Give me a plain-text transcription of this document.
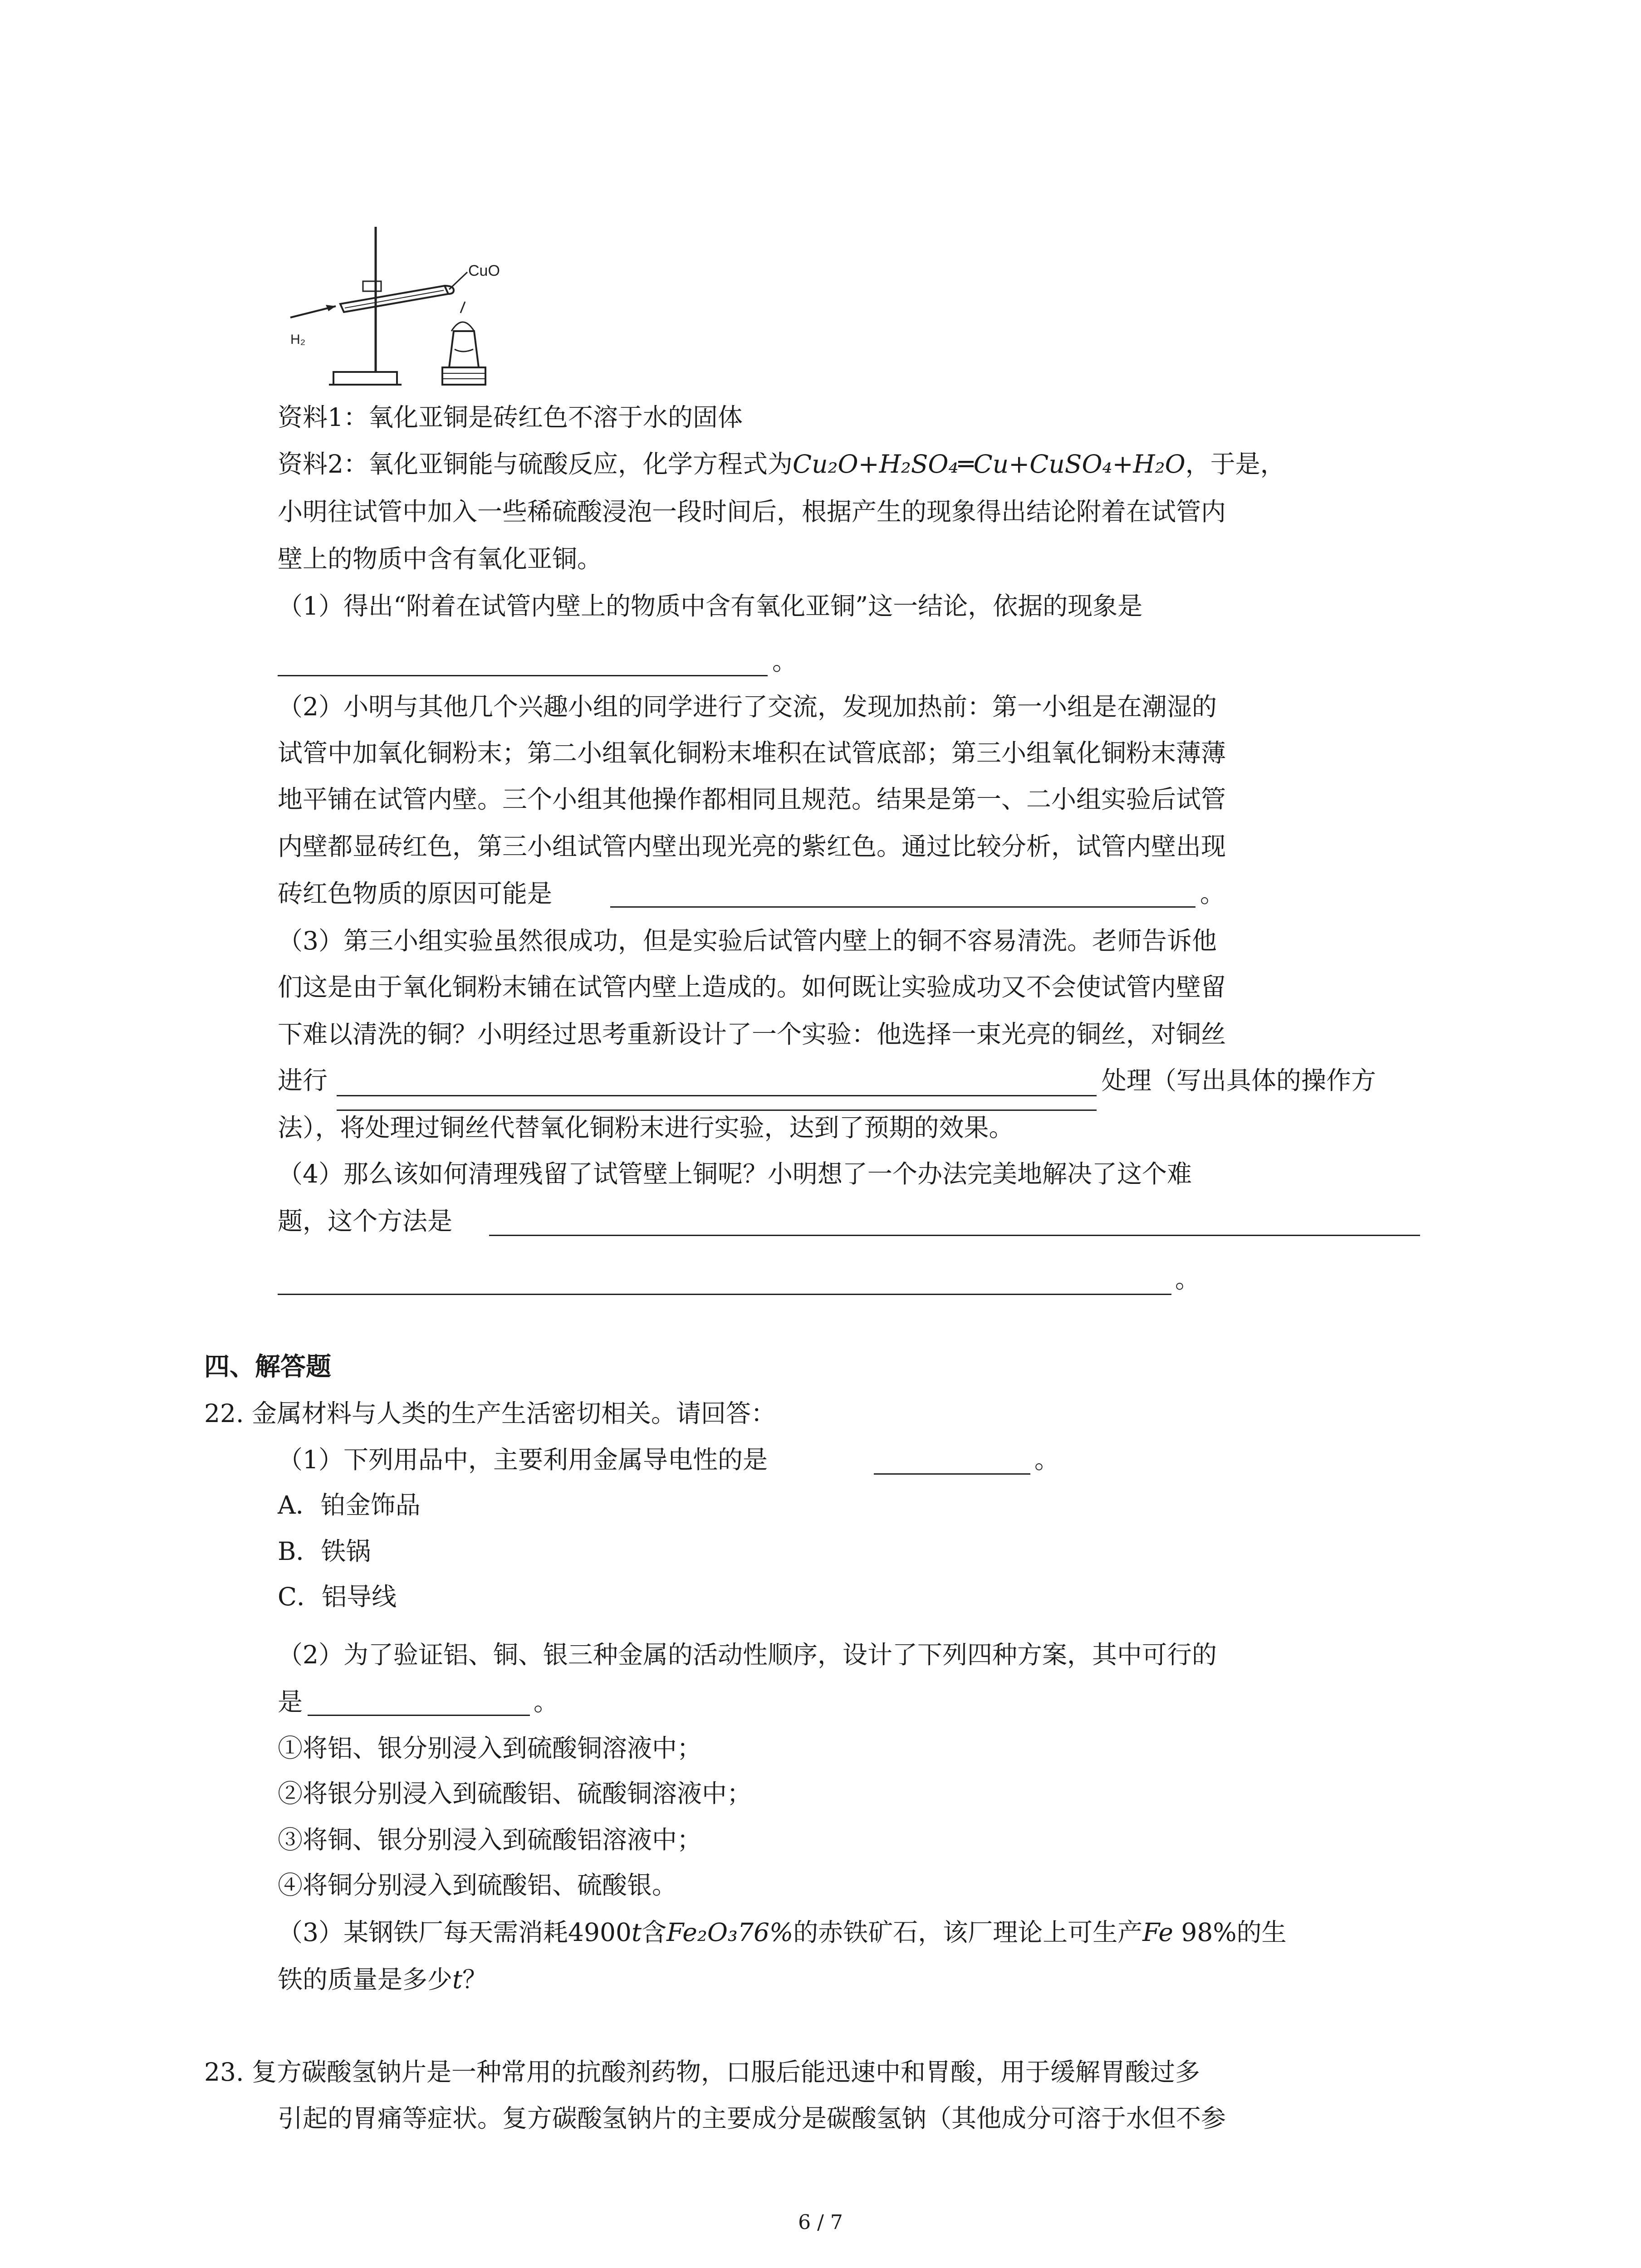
CuO
H₂
资料1：氧化亚铜是砖红色不溶于水的固体
资料2：氧化亚铜能与硫酸反应，化学方程式为Cu₂O+H₂SO₄═Cu+CuSO₄+H₂O，于是，
小明往试管中加入一些稀硫酸浸泡一段时间后，根据产生的现象得出结论附着在试管内
壁上的物质中含有氧化亚铜。
（1）得出“附着在试管内壁上的物质中含有氧化亚铜”这一结论，依据的现象是
。
（2）小明与其他几个兴趣小组的同学进行了交流，发现加热前：第一小组是在潮湿的
试管中加氧化铜粉末；第二小组氧化铜粉末堆积在试管底部；第三小组氧化铜粉末薄薄
地平铺在试管内壁。三个小组其他操作都相同且规范。结果是第一、二小组实验后试管
内壁都显砖红色，第三小组试管内壁出现光亮的紫红色。通过比较分析，试管内壁出现
砖红色物质的原因可能是	。
（3）第三小组实验虽然很成功，但是实验后试管内壁上的铜不容易清洗。老师告诉他
们这是由于氧化铜粉末铺在试管内壁上造成的。如何既让实验成功又不会使试管内壁留
下难以清洗的铜？小明经过思考重新设计了一个实验：他选择一束光亮的铜丝，对铜丝
进行	处理（写出具体的操作方
法），将处理过铜丝代替氧化铜粉末进行实验，达到了预期的效果。
（4）那么该如何清理残留了试管壁上铜呢？小明想了一个办法完美地解决了这个难
题，这个方法是
。
四、解答题
22. 金属材料与人类的生产生活密切相关。请回答：
（1）下列用品中，主要利用金属导电性的是	。
A．铂金饰品
B．铁锅
C．铝导线
（2）为了验证铝、铜、银三种金属的活动性顺序，设计了下列四种方案，其中可行的
是	。
①将铝、银分别浸入到硫酸铜溶液中；
②将银分别浸入到硫酸铝、硫酸铜溶液中；
③将铜、银分别浸入到硫酸铝溶液中；
④将铜分别浸入到硫酸铝、硫酸银。
（3）某钢铁厂每天需消耗4900t含Fe₂O₃76%的赤铁矿石，该厂理论上可生产Fe 98%的生
铁的质量是多少t？
23. 复方碳酸氢钠片是一种常用的抗酸剂药物，口服后能迅速中和胃酸，用于缓解胃酸过多
引起的胃痛等症状。复方碳酸氢钠片的主要成分是碳酸氢钠（其他成分可溶于水但不参
6 / 7
